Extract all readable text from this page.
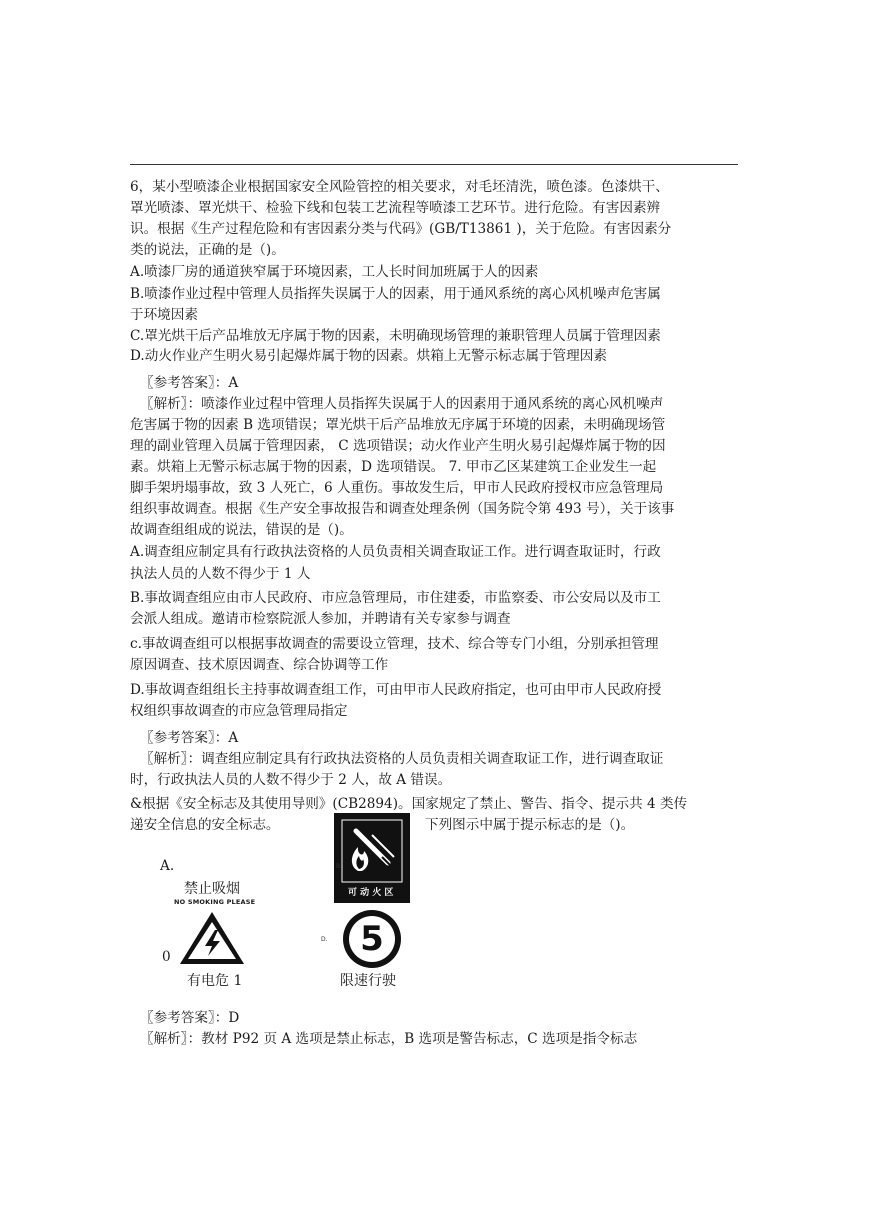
6，某小型喷漆企业根据国家安全风险管控的相关要求，对毛坯清洗，喷色漆。色漆烘干、
罩光喷漆、罩光烘干、检验下线和包装工艺流程等喷漆工艺环节。进行危险。有害因素辨
识。根据《生产过程危险和有害因素分类与代码》(GB/T13861 )，关于危险。有害因素分
类的说法，正确的是（)。
A.喷漆厂房的通道狭窄属于环境因素，工人长时间加班属于人的因素
B.喷漆作业过程中管理人员指挥失误属于人的因素，用于通风系统的离心风机噪声危害属
于环境因素
C.罩光烘干后产品堆放无序属于物的因素，未明确现场管理的兼职管理人员属于管理因素
D.动火作业产生明火易引起爆炸属于物的因素。烘箱上无警示标志属于管理因素
〖参考答案〗：A
〖解析〗：喷漆作业过程中管理人员指挥失误属于人的因素用于通风系统的离心风机噪声
危害属于物的因素 B 选项错误；罩光烘干后产品堆放无序属于环境的因素，未明确现场管
理的副业管理入员属于管理因素， C 选项错误；动火作业产生明火易引起爆炸属于物的因
素。烘箱上无警示标志属于物的因素，D 选项错误。 7. 甲市乙区某建筑工企业发生一起
脚手架坍塌事故，致 3 人死亡，6 人重伤。事故发生后，甲市人民政府授权市应急管理局
组织事故调查。根据《生产安全事故报告和调查处理条例（国务院令第 493 号），关于该事
故调查组组成的说法，错误的是（)。
A.调查组应制定具有行政执法资格的人员负责相关调查取证工作。进行调查取证时，行政
执法人员的人数不得少于 1 人
B.事故调查组应由市人民政府、市应急管理局，市住建委，市监察委、市公安局以及市工
会派人组成。邀请市检察院派人参加，并聘请有关专家参与调查
c.事故调查组可以根据事故调查的需要设立管理，技术、综合等专门小组，分别承担管理
原因调查、技术原因调查、综合协调等工作
D.事故调查组组长主持事故调查组工作，可由甲市人民政府指定，也可由甲市人民政府授
权组织事故调查的市应急管理局指定
〖参考答案〗：A
〖解析〗：调查组应制定具有行政执法资格的人员负责相关调查取证工作，进行调查取证
时，行政执法人员的人数不得少于 2 人，故 A 错误。
&根据《安全标志及其使用导则》(CB2894)。国家规定了禁止、警告、指令、提示共 4 类传
递安全信息的安全标志。	下列图示中属于提示标志的是（)。
A.
禁止吸烟
NO SMOKING PLEASE
B.
可 动 火 区
0
有电危 1
5
D.
限速行驶
〖参考答案〗：D
〖解析〗：教材 P92 页 A 选项是禁止标志，B 选项是警告标志，C 选项是指令标志
